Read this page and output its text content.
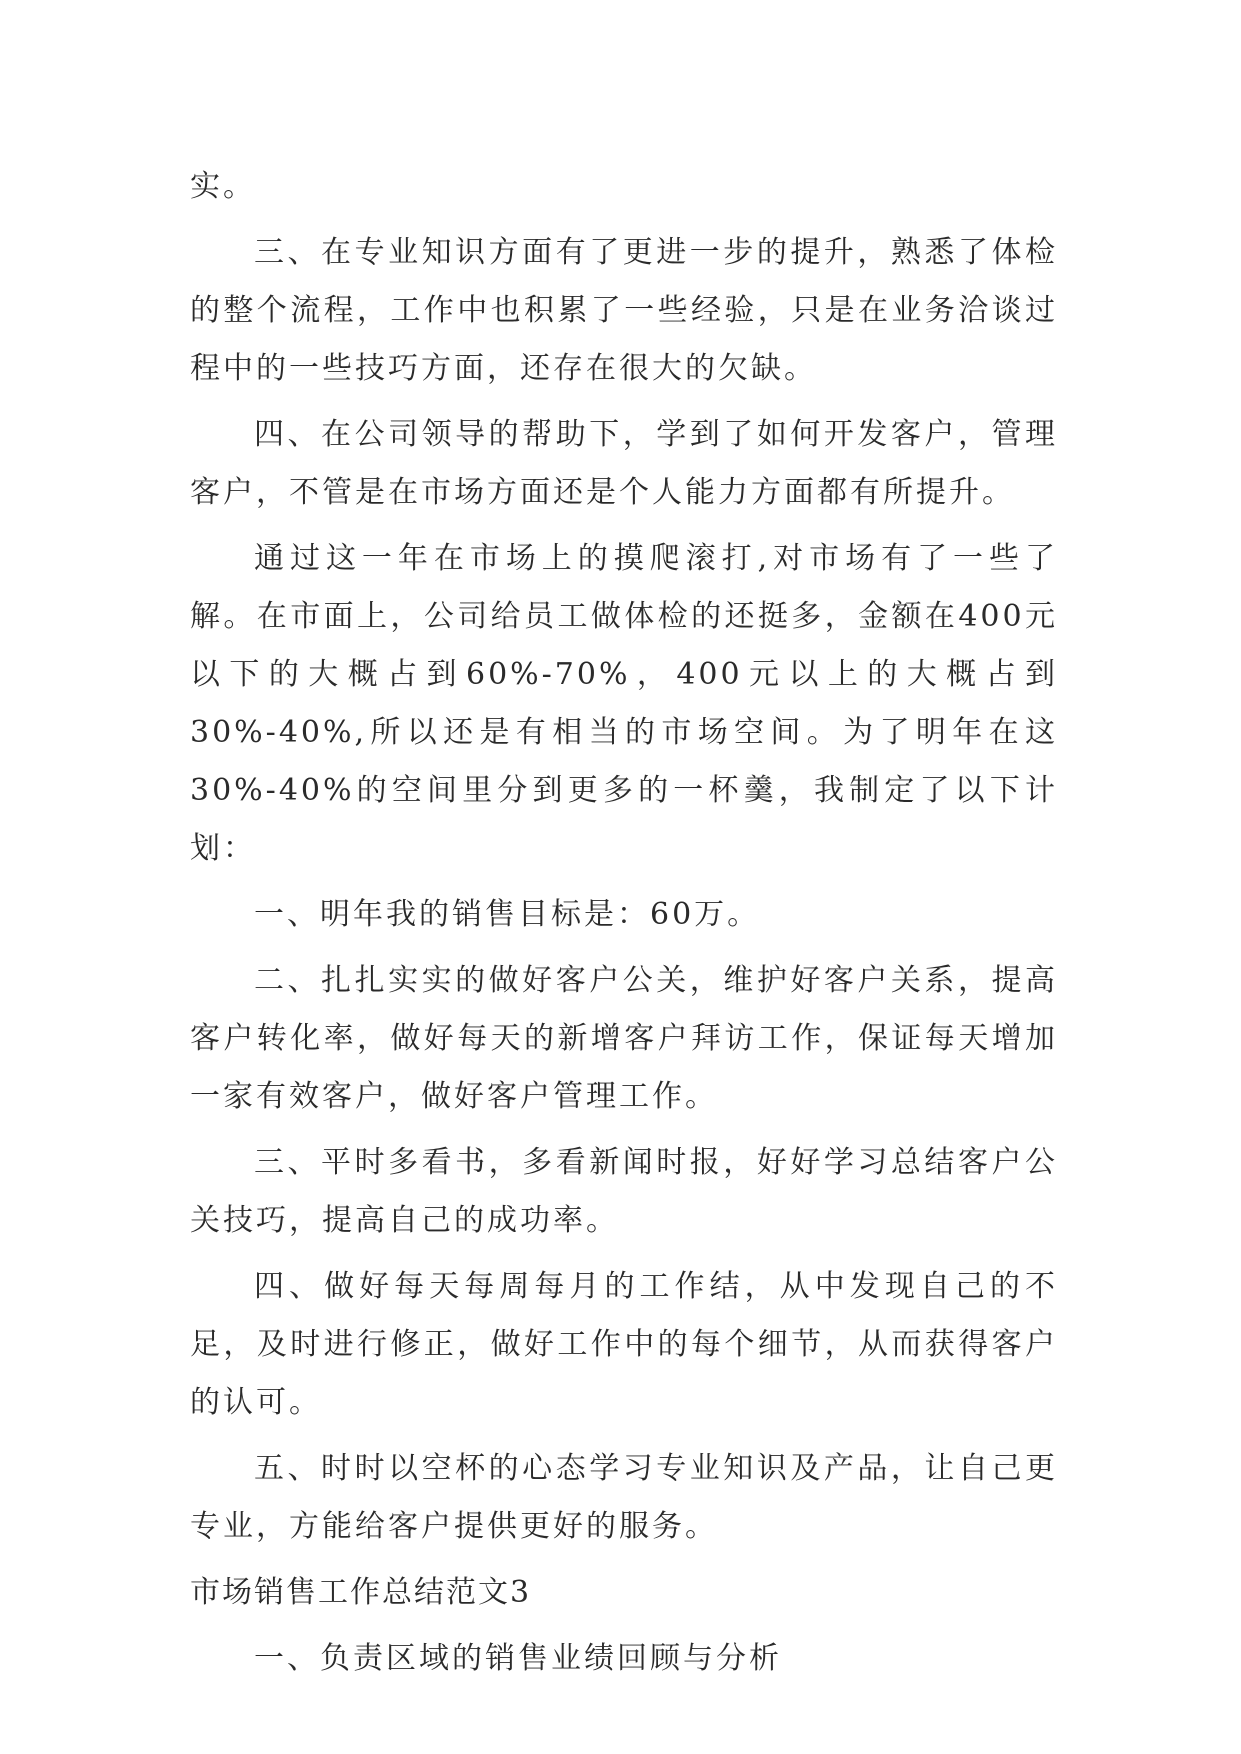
实。

三、在专业知识方面有了更进一步的提升，熟悉了体检的整个流程，工作中也积累了一些经验，只是在业务洽谈过程中的一些技巧方面，还存在很大的欠缺。

四、在公司领导的帮助下，学到了如何开发客户，管理客户，不管是在市场方面还是个人能力方面都有所提升。

通过这一年在市场上的摸爬滚打,对市场有了一些了解。在市面上，公司给员工做体检的还挺多，金额在400元以下的大概占到60%-70%，400元以上的大概占到30%-40%,所以还是有相当的市场空间。为了明年在这30%-40%的空间里分到更多的一杯羹，我制定了以下计划：

一、明年我的销售目标是：60万。

二、扎扎实实的做好客户公关，维护好客户关系，提高客户转化率，做好每天的新增客户拜访工作，保证每天增加一家有效客户，做好客户管理工作。

三、平时多看书，多看新闻时报，好好学习总结客户公关技巧，提高自己的成功率。

四、做好每天每周每月的工作结，从中发现自己的不足，及时进行修正，做好工作中的每个细节，从而获得客户的认可。

五、时时以空杯的心态学习专业知识及产品，让自己更专业，方能给客户提供更好的服务。

市场销售工作总结范文3

一、负责区域的销售业绩回顾与分析
